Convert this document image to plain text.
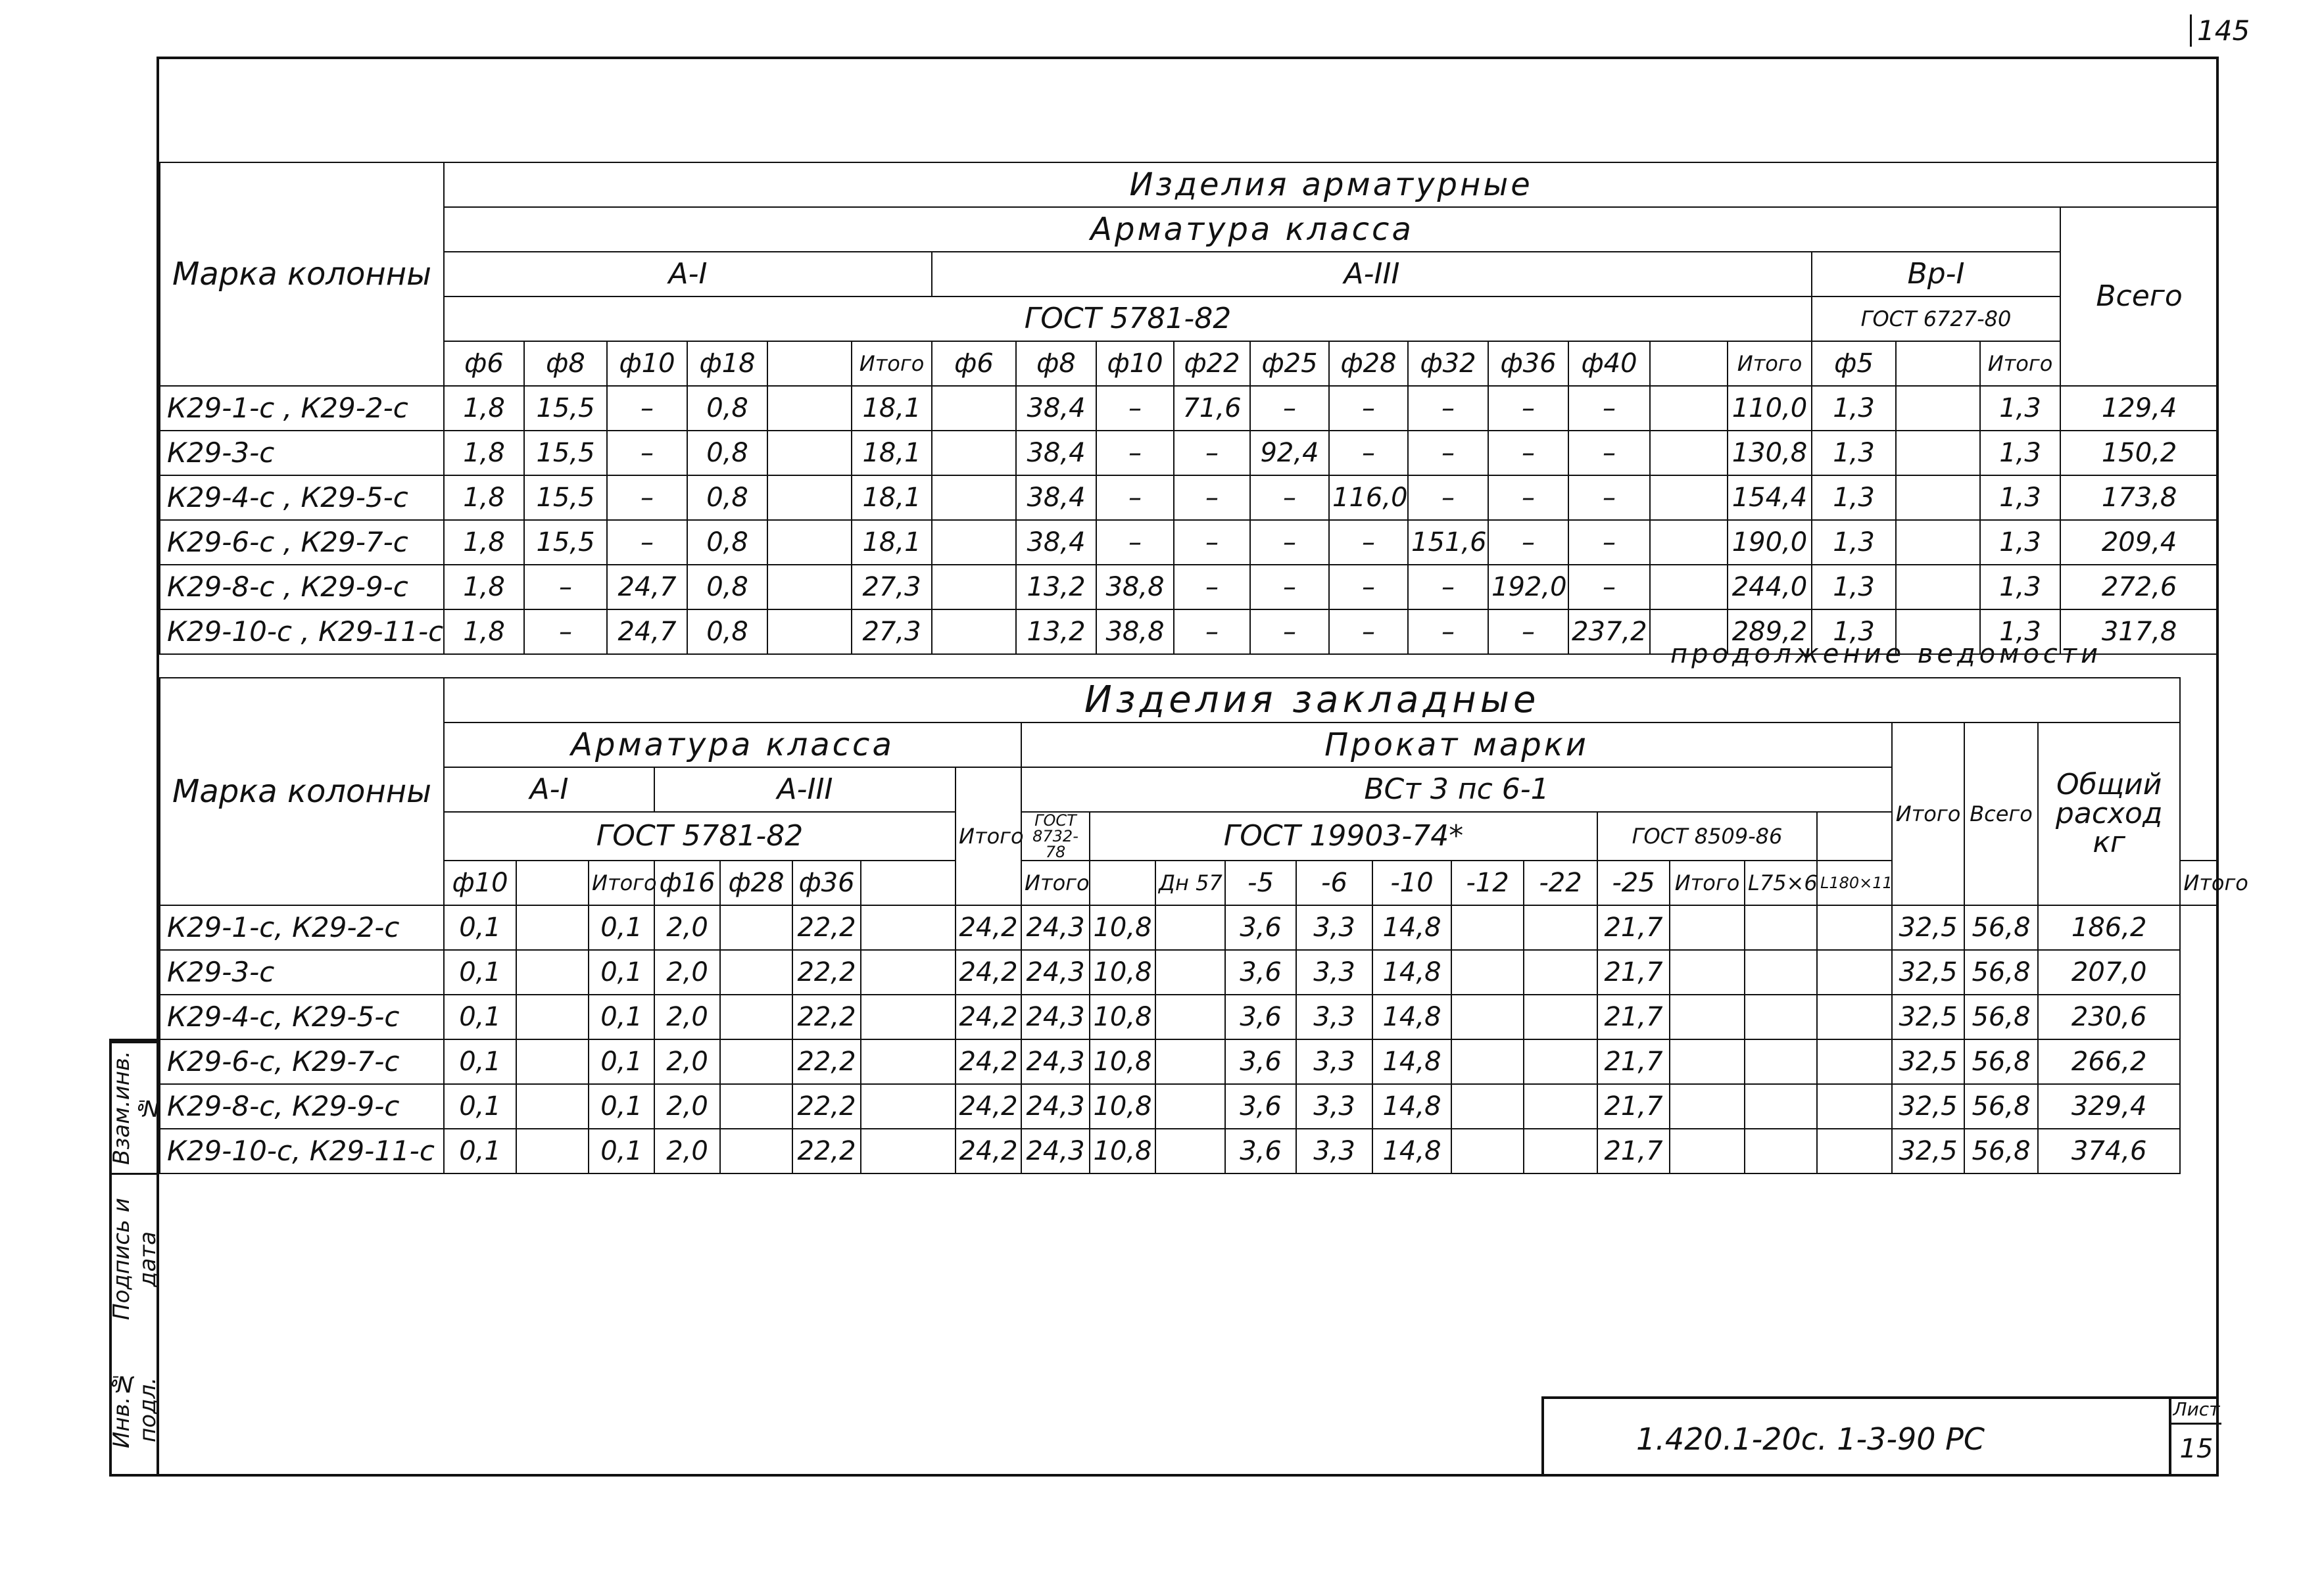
145
Взам.инв.№
Подпись и дата
Инв.№ подл.
Марка колонны	Изделия арматурные																				
	Арматура класса																				Всего
	А-I						А-III											Вр-I			
	ГОСТ 5781-82																	ГОСТ 6727-80			
	ф6	ф8	ф10	ф18		Итого	ф6	ф8	ф10	ф22	ф25	ф28	ф32	ф36	ф40		Итого	ф5		Итого	
К29-1-с , К29-2-с	1,8	15,5	–	0,8		18,1		38,4	–	71,6	–	–	–	–	–		110,0	1,3		1,3	129,4
К29-3-с	1,8	15,5	–	0,8		18,1		38,4	–	–	92,4	–	–	–	–		130,8	1,3		1,3	150,2
К29-4-с , К29-5-с	1,8	15,5	–	0,8		18,1		38,4	–	–	–	116,0	–	–	–		154,4	1,3		1,3	173,8
К29-6-с , К29-7-с	1,8	15,5	–	0,8		18,1		38,4	–	–	–	–	151,6	–	–		190,0	1,3		1,3	209,4
К29-8-с , К29-9-с	1,8	–	24,7	0,8		27,3		13,2	38,8	–	–	–	–	192,0	–		244,0	1,3		1,3	272,6
К29-10-с , К29-11-с	1,8	–	24,7	0,8		27,3		13,2	38,8	–	–	–	–	–	237,2		289,2	1,3		1,3	317,8
продолжение ведомости
Марка колонны	Изделия закладные																							
	Арматура класса								Прокат марки												Итого	Всего	Общий расход кг	
	А-I			А-III				Итого	ВСт 3 пс 6-1															
	ГОСТ 5781-82								ГОСТ 8732-78	ГОСТ 19903-74*							ГОСТ 8509-86							
	ф10		Итого	ф16	ф28	ф36			Итого		Дн 57	-5	-6	-10	-12	-22	-25	Итого	L75×6	L180×11				Итого
К29-1-с, К29-2-с	0,1		0,1	2,0		22,2		24,2	24,3	10,8		3,6	3,3	14,8			21,7				32,5	56,8	186,2	
К29-3-с	0,1		0,1	2,0		22,2		24,2	24,3	10,8		3,6	3,3	14,8			21,7				32,5	56,8	207,0	
К29-4-с, К29-5-с	0,1		0,1	2,0		22,2		24,2	24,3	10,8		3,6	3,3	14,8			21,7				32,5	56,8	230,6	
К29-6-с, К29-7-с	0,1		0,1	2,0		22,2		24,2	24,3	10,8		3,6	3,3	14,8			21,7				32,5	56,8	266,2	
К29-8-с, К29-9-с	0,1		0,1	2,0		22,2		24,2	24,3	10,8		3,6	3,3	14,8			21,7				32,5	56,8	329,4	
К29-10-с, К29-11-с	0,1		0,1	2,0		22,2		24,2	24,3	10,8		3,6	3,3	14,8			21,7				32,5	56,8	374,6	
1.420.1-20с. 1-3-90 РС
Лист
15
